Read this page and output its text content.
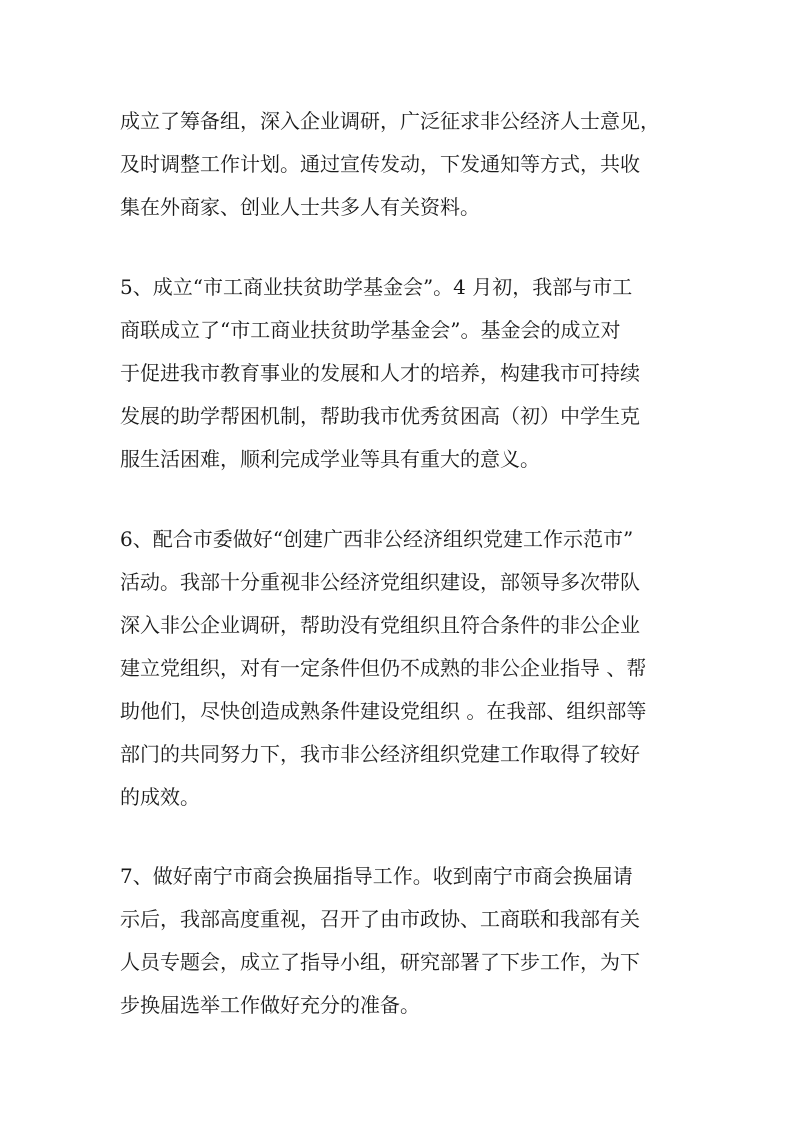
成立了筹备组，深入企业调研，广泛征求非公经济人士意见，
及时调整工作计划。通过宣传发动，下发通知等方式，共收
集在外商家、创业人士共多人有关资料。

5、成立“市工商业扶贫助学基金会”。4 月初，我部与市工
商联成立了“市工商业扶贫助学基金会”。基金会的成立对
于促进我市教育事业的发展和人才的培养，构建我市可持续
发展的助学帮困机制，帮助我市优秀贫困高（初）中学生克
服生活困难，顺利完成学业等具有重大的意义。

6、配合市委做好“创建广西非公经济组织党建工作示范市”
活动。我部十分重视非公经济党组织建设，部领导多次带队
深入非公企业调研，帮助没有党组织且符合条件的非公企业
建立党组织，对有一定条件但仍不成熟的非公企业指导 、帮
助他们，尽快创造成熟条件建设党组织 。在我部、组织部等
部门的共同努力下，我市非公经济组织党建工作取得了较好
的成效。

7、做好南宁市商会换届指导工作。收到南宁市商会换届请
示后，我部高度重视，召开了由市政协、工商联和我部有关
人员专题会，成立了指导小组，研究部署了下步工作，为下
步换届选举工作做好充分的准备。
